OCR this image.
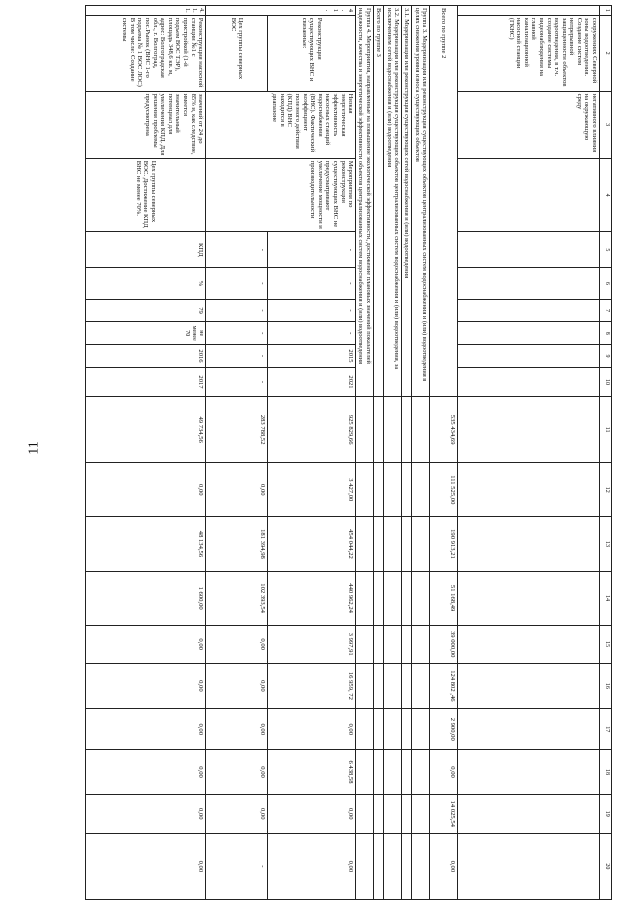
11
1	2	3	4	5	6	7	8	9	10	11	12	13	14	15	16	17	18	19	20
	сооружениях Северной зоны водоотведения. Создание систем непрерывной защищенности объектов водоотведения, в т.ч. создание системы видеонаблюдения на главной канализационной насосной станции (ГКНС)	негативного влияния на окружающую среду																	
Всего по группе 2										535 434,69	111 525,00	190 913,21	51 168,49	39 000,00	124 802 ,46	2 900,00	0,00	14 025,54	0,00
Группа 3. Модернизация или реконструкция существующих объектов централизованных систем водоснабжения и (или) водоотведения в целях снижения уровня износа существующих объектов																			
3.1. Модернизация или реконструкция существующих сетей водоснабжения и (или) водоотведения																			
3.2. Модернизация или реконструкция существующих объектов централизованных систем водоснабжения и (или) водоотведения, за исключением сетей водоснабжения и (или) водоотведения																			
Всего по группе 3																			
Группа 4. Мероприятия, направленные на повышение экологической эффективности, достижение плановых значений показателей надежности, качества и энергетической эффективности объектов централизованных систем водоснабжения и (или) водоотведения																			
4.1.	Реконструкция существующих ВНС и связанные:	Низкая энергетическая эффективность насосных станций водоснабжения (ВНС). Фактический коэффициент полезного действия (КПД) ВНС находится в диапазоне	Мероприятия по реконструкции существующих ВНС не предусматривают увеличение мощности и производительности	-	-	-	-	2015	2021	925 829,66	3 427,00	454 044,22	440 962,24	3 997,91	16 959, 72	0,00	6 438,58	0,00	0,00
	Цех группы северных ВОС			-	-	-	-	-	-	283 788,52	0,00	181 394,98	102 393,54	0,00	0,00	0,00	0,00	0,00	-
4.1.1.	Реконструкция насосной станции №1 с пристройкой (1-й подъем ВОС ТЭР), площадь 348,6 кв. м, адрес: Волгоградская обл., г. Волгоград, пос.Рынок (ВНС 1-го подъема № 1 ВОС ЛОС) В том числе: Создание системы	значений от 24 до 85% и, как следствие, имеется значительный потенциал для увеличения КПД. Для решения проблемы предусмотрена	Цех группы северных ВОС. Достижение КПД ВНС не менее 70%.	КПД	%	79	не менее 70	2016	2017	49 734,56	0,00	48 134,56	1 600,00	0,00	0,00	0,00	0,00	0,00	0,00
